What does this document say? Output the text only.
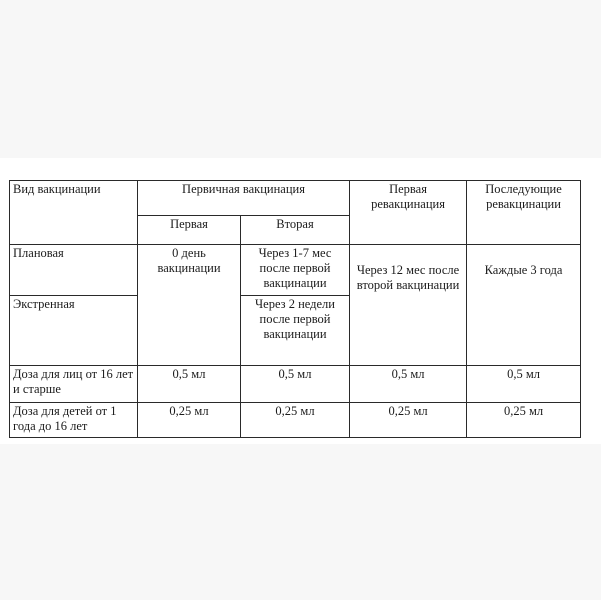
Вид вакцинации	Первичная вакцинация		Первая ревакцинация	Последующие ревакцинации
	Первая	Вторая		
Плановая	0 день вакцинации	Через 1-7 мес после первой вакцинации	Через 12 мес после второй вакцинации	Каждые 3 года
Экстренная		Через 2 недели после первой вакцинации		
Доза для лиц от 16 лет и старше	0,5 мл	0,5 мл	0,5 мл	0,5 мл
Доза для детей от 1 года до 16 лет	0,25 мл	0,25 мл	0,25 мл	0,25 мл
